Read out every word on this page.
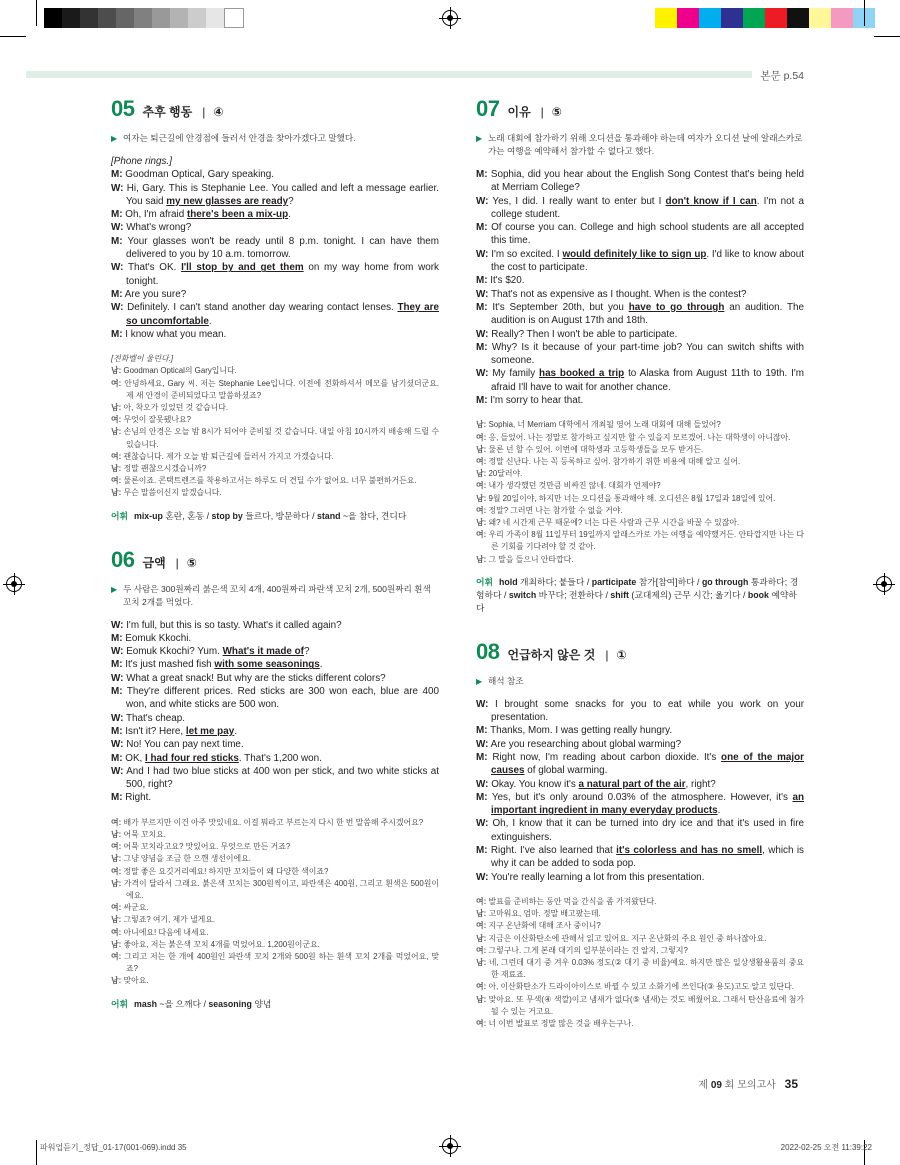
본문 p.54
05 추후 행동 | ④
▶ 여자는 퇴근길에 안경점에 들러서 안경을 찾아가겠다고 말했다.
[Phone rings.]
M: Goodman Optical, Gary speaking.
W: Hi, Gary. This is Stephanie Lee. You called and left a message earlier. You said my new glasses are ready?
M: Oh, I'm afraid there's been a mix-up.
W: What's wrong?
M: Your glasses won't be ready until 8 p.m. tonight. I can have them delivered to you by 10 a.m. tomorrow.
W: That's OK. I'll stop by and get them on my way home from work tonight.
M: Are you sure?
W: Definitely. I can't stand another day wearing contact lenses. They are so uncomfortable.
M: I know what you mean.
[전화벨이 울린다.]
남: Goodman Optical의 Gary입니다.
여: 안녕하세요, Gary 씨. 저는 Stephanie Lee입니다. 이전에 전화하셔서 메모를 남기셨더군요. 제 새 안경이 준비되었다고 말씀하셨죠?
남: 아, 착오가 있었던 것 같습니다.
여: 무엇이 잘못됐나요?
남: 손님의 안경은 오늘 밤 8시가 되어야 준비될 것 같습니다. 내일 아침 10시까지 배송해 드릴 수 있습니다.
여: 괜찮습니다. 제가 오늘 밤 퇴근길에 들러서 가지고 가겠습니다.
남: 정말 괜찮으시겠습니까?
여: 물론이죠. 콘택트렌즈를 착용하고서는 하루도 더 견딜 수가 없어요. 너무 불편하거든요.
남: 무슨 말씀이신지 알겠습니다.
어휘 mix-up 혼란, 혼동 / stop by 들르다, 방문하다 / stand ~을 참다, 견디다
06 금액 | ⑤
▶ 두 사람은 300원짜리 붉은색 꼬치 4개, 400원짜리 파란색 꼬치 2개, 500원짜리 흰색 꼬치 2개를 먹었다.
W: I'm full, but this is so tasty. What's it called again?
M: Eomuk Kkochi.
W: Eomuk Kkochi? Yum. What's it made of?
M: It's just mashed fish with some seasonings.
W: What a great snack! But why are the sticks different colors?
M: They're different prices. Red sticks are 300 won each, blue are 400 won, and white sticks are 500 won.
W: That's cheap.
M: Isn't it? Here, let me pay.
W: No! You can pay next time.
M: OK, I had four red sticks. That's 1,200 won.
W: And I had two blue sticks at 400 won per stick, and two white sticks at 500, right?
M: Right.
여: 배가 부르지만 이건 아주 맛있네요. 이걸 뭐라고 부르는지 다시 한 번 말씀해 주시겠어요?
남: 어묵 꼬치요.
여: 어묵 꼬치라고요? 맛있어요. 무엇으로 만든 거죠?
남: 그냥 양념을 조금 한 으깬 생선이에요.
여: 정말 좋은 요깃거리예요! 하지만 꼬치들이 왜 다양한 색이죠?
남: 가격이 달라서 그래요. 붉은색 꼬치는 300원씩이고, 파란색은 400원, 그리고 흰색은 500원이에요.
여: 싸군요.
남: 그렇죠? 여기, 제가 낼게요.
여: 아니에요! 다음에 내세요.
남: 좋아요, 저는 붉은색 꼬치 4개를 먹었어요. 1,200원이군요.
여: 그리고 저는 한 개에 400원인 파란색 꼬치 2개와 500원 하는 흰색 꼬치 2개를 먹었어요, 맞죠?
남: 맞아요.
어휘 mash ~을 으깨다 / seasoning 양념
07 이유 | ⑤
▶ 노래 대회에 참가하기 위해 오디션을 통과해야 하는데 여자가 오디션 날에 알래스카로 가는 여행을 예약해서 참가할 수 없다고 했다.
M: Sophia, did you hear about the English Song Contest that's being held at Merriam College?
W: Yes, I did. I really want to enter but I don't know if I can. I'm not a college student.
M: Of course you can. College and high school students are all accepted this time.
W: I'm so excited. I would definitely like to sign up. I'd like to know about the cost to participate.
M: It's $20.
W: That's not as expensive as I thought. When is the contest?
M: It's September 20th, but you have to go through an audition. The audition is on August 17th and 18th.
W: Really? Then I won't be able to participate.
M: Why? Is it because of your part-time job? You can switch shifts with someone.
W: My family has booked a trip to Alaska from August 11th to 19th. I'm afraid I'll have to wait for another chance.
M: I'm sorry to hear that.
남: Sophia, 너 Merriam 대학에서 개최될 영어 노래 대회에 대해 들었어?
여: 응, 들었어. 나는 정말로 참가하고 싶지만 할 수 있을지 모르겠어. 나는 대학생이 아니잖아.
남: 물론 넌 할 수 있어. 이번에 대학생과 고등학생들을 모두 받거든.
여: 정말 신난다. 나는 꼭 등록하고 싶어. 참가하기 위한 비용에 대해 알고 싶어.
남: 20달러야.
여: 내가 생각했던 것만큼 비싸진 않네. 대회가 언제야?
남: 9월 20일이야, 하지만 너는 오디션을 통과해야 해. 오디션은 8월 17일과 18일에 있어.
여: 정말? 그러면 나는 참가할 수 없을 거야.
남: 왜? 네 시간제 근무 때문에? 너는 다른 사람과 근무 시간을 바꿀 수 있잖아.
여: 우리 가족이 8월 11일부터 19일까지 알래스카로 가는 여행을 예약했거든. 안타깝지만 나는 다른 기회를 기다려야 할 것 같아.
남: 그 말을 들으니 안타깝다.
어휘 hold 개최하다; 붙들다 / participate 참가[참여]하다 / go through 통과하다; 경험하다 / switch 바꾸다; 전환하다 / shift (교대제의) 근무 시간; 옮기다 / book 예약하다
08 언급하지 않은 것 | ①
▶ 해석 참조
W: I brought some snacks for you to eat while you work on your presentation.
M: Thanks, Mom. I was getting really hungry.
W: Are you researching about global warming?
M: Right now, I'm reading about carbon dioxide. It's one of the major causes of global warming.
W: Okay. You know it's a natural part of the air, right?
M: Yes, but it's only around 0.03% of the atmosphere. However, it's an important ingredient in many everyday products.
W: Oh, I know that it can be turned into dry ice and that it's used in fire extinguishers.
M: Right. I've also learned that it's colorless and has no smell, which is why it can be added to soda pop.
W: You're really learning a lot from this presentation.
여: 발표를 준비하는 동안 먹을 간식을 좀 가져왔단다.
남: 고마워요, 엄마. 정말 배고팠는데.
여: 지구 온난화에 대해 조사 중이니?
남: 지금은 이산화탄소에 관해서 읽고 있어요. 지구 온난화의 주요 원인 중 하나잖아요.
여: 그렇구나. 그게 본래 대기의 일부분이라는 건 알지, 그렇지?
남: 네, 그런데 대기 중 겨우 0.03% 정도(② 대기 중 비율)예요. 하지만 많은 일상생활용품의 중요한 재료죠.
여: 아, 이산화탄소가 드라이아이스로 바뀔 수 있고 소화기에 쓰인다(③ 용도)고도 알고 있단다.
남: 맞아요. 또 무색(④ 색깔)이고 냄새가 없다(⑤ 냄새)는 것도 배웠어요. 그래서 탄산음료에 첨가될 수 있는 거고요.
여: 너 이번 발표로 정말 많은 것을 배우는구나.
제 09 회 모의고사 35
파워업듣기_정답_01-17(001-069).indd 35	2022-02-25 오전 11:39:22
